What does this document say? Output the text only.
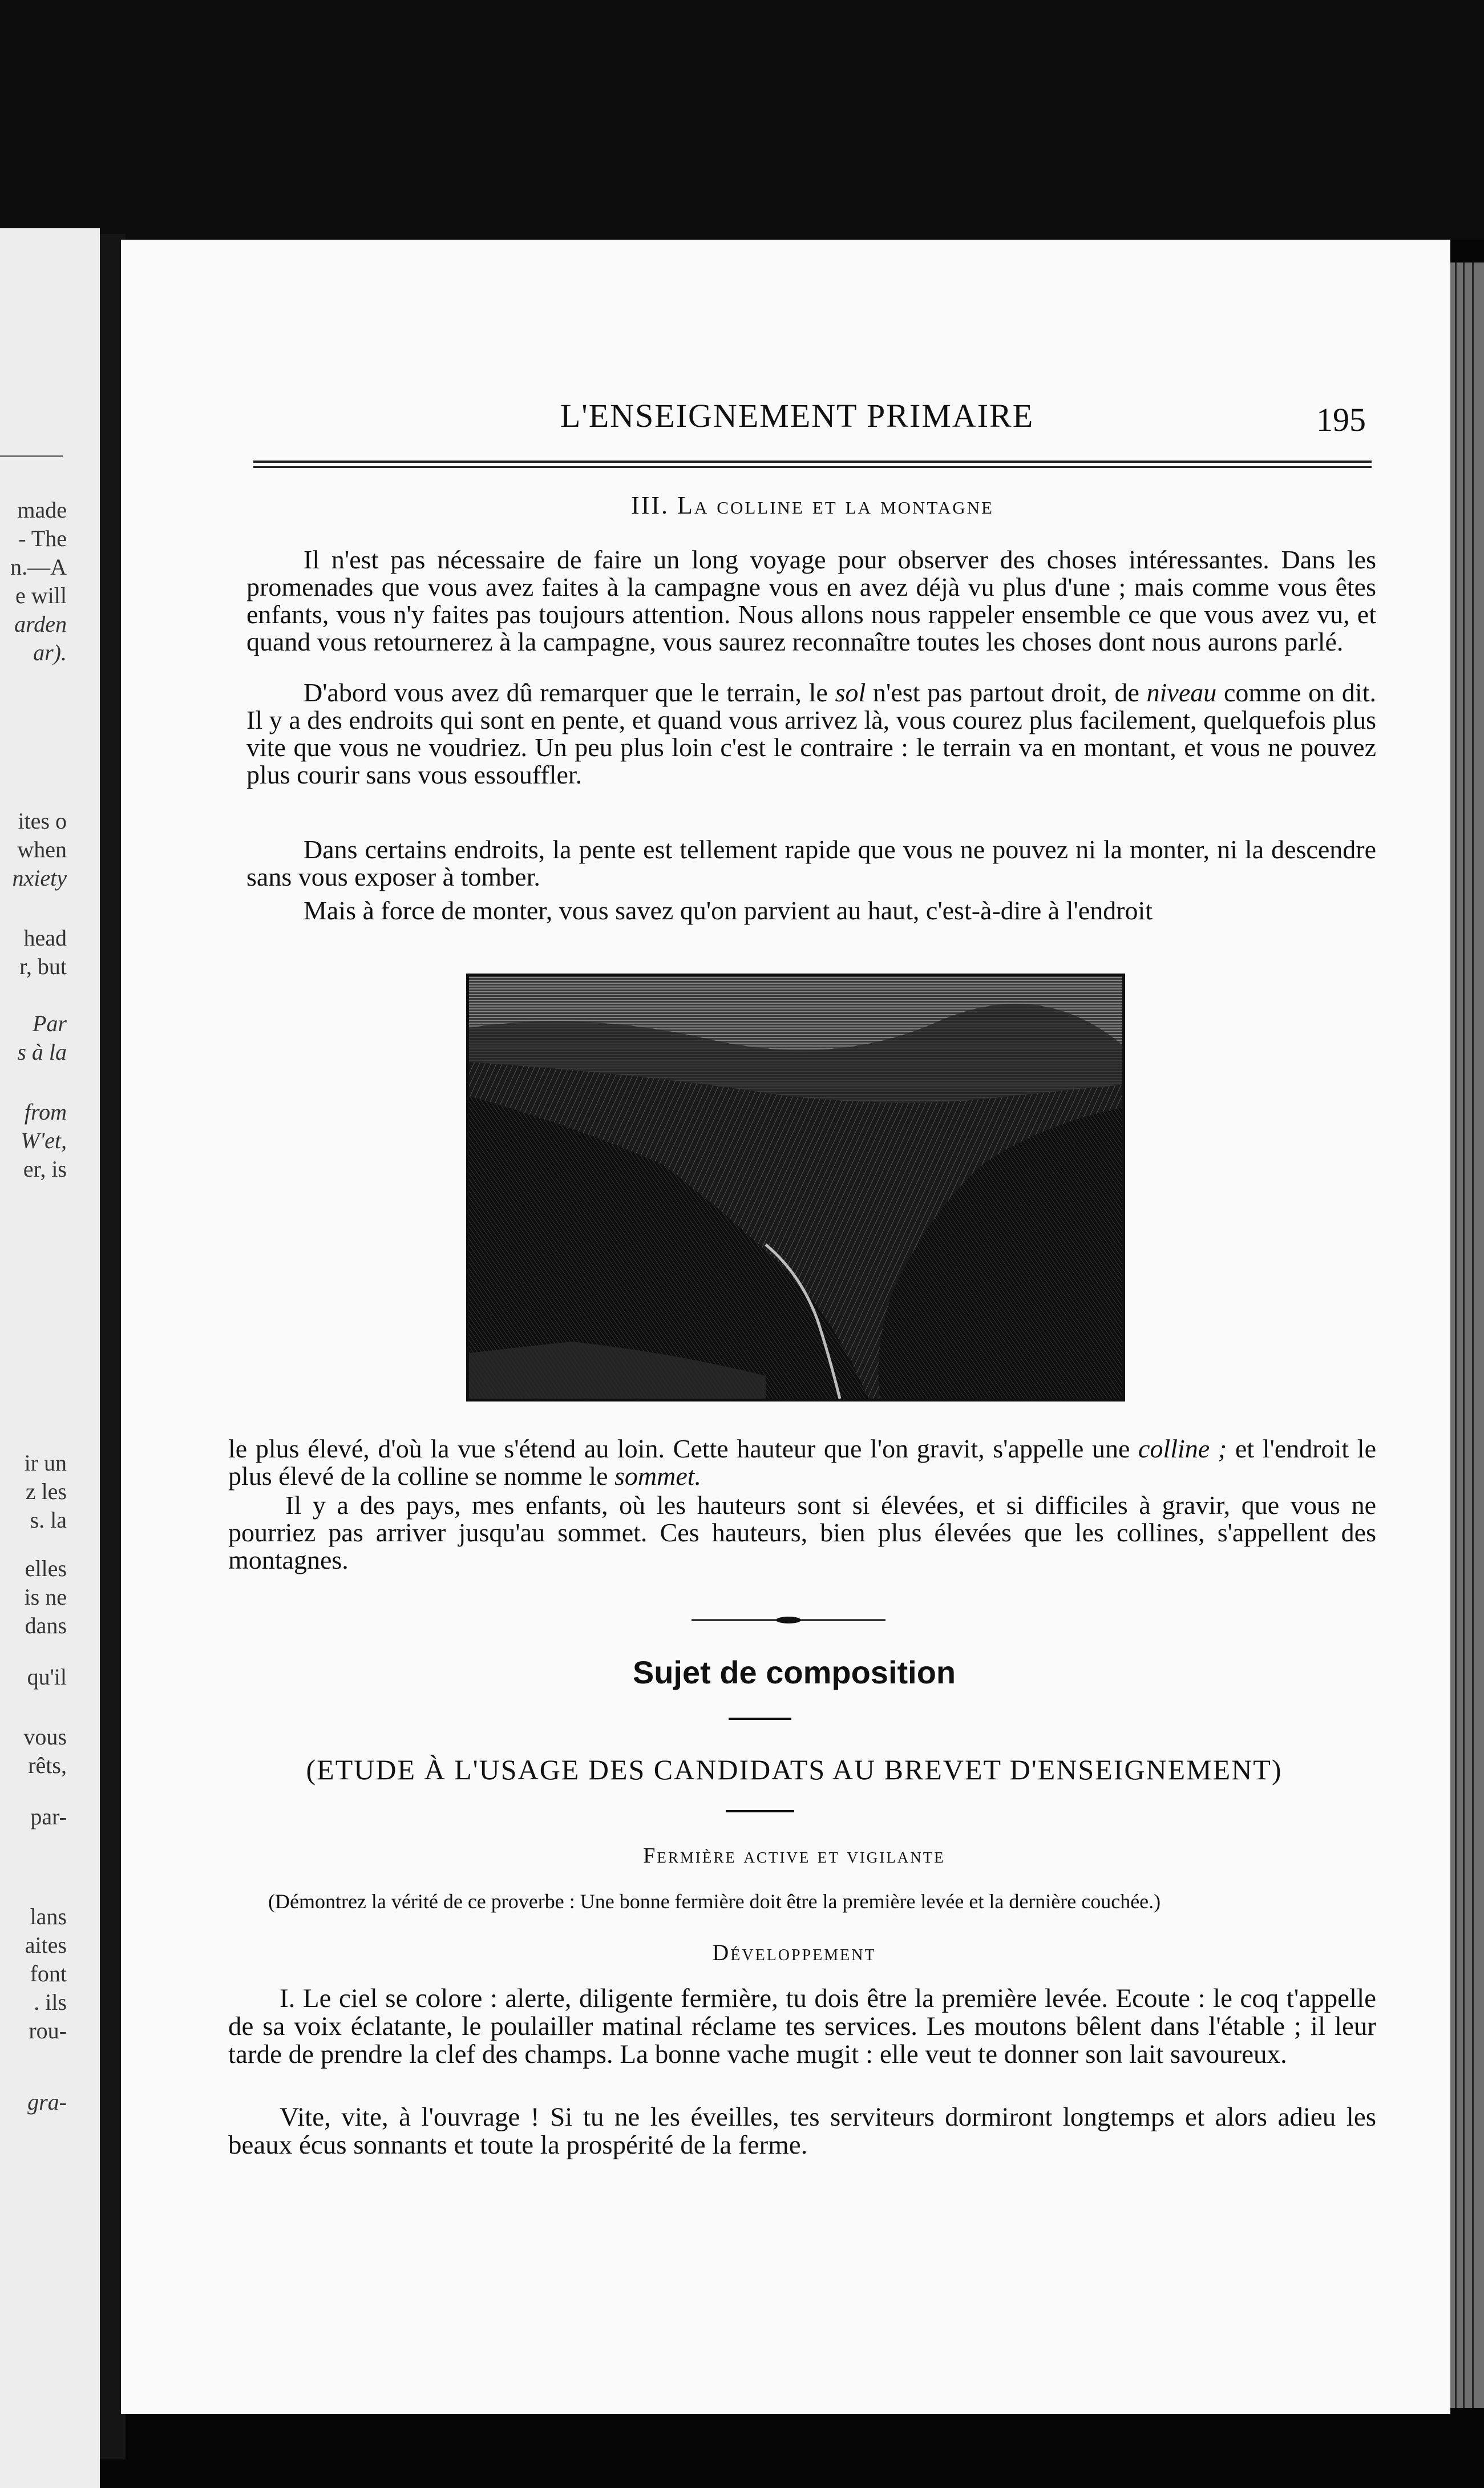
made
- The
n.—A
e will
arden
ar).
ites o
when
nxiety
head
r, but
Par
s à la
from
W'et,
er, is
ir un
z les
s. la
elles
is ne
dans
qu'il
vous
rêts,
par-
lans
aites
font
. ils
rou-
gra-
L'ENSEIGNEMENT PRIMAIRE	195
III. La colline et la montagne
Il n'est pas nécessaire de faire un long voyage pour observer des choses intéressantes. Dans les promenades que vous avez faites à la campagne vous en avez déjà vu plus d'une ; mais comme vous êtes enfants, vous n'y faites pas toujours attention. Nous allons nous rappeler ensemble ce que vous avez vu, et quand vous retournerez à la campagne, vous saurez reconnaître toutes les choses dont nous aurons parlé.
D'abord vous avez dû remarquer que le terrain, le sol n'est pas partout droit, de niveau comme on dit. Il y a des endroits qui sont en pente, et quand vous arrivez là, vous courez plus facilement, quelquefois plus vite que vous ne voudriez. Un peu plus loin c'est le contraire : le terrain va en montant, et vous ne pouvez plus courir sans vous essouffler.
Dans certains endroits, la pente est tellement rapide que vous ne pouvez ni la monter, ni la descendre sans vous exposer à tomber.
Mais à force de monter, vous savez qu'on parvient au haut, c'est-à-dire à l'endroit
le plus élevé, d'où la vue s'étend au loin. Cette hauteur que l'on gravit, s'appelle une colline ; et l'endroit le plus élevé de la colline se nomme le sommet.
Il y a des pays, mes enfants, où les hauteurs sont si élevées, et si difficiles à gravir, que vous ne pourriez pas arriver jusqu'au sommet. Ces hauteurs, bien plus élevées que les collines, s'appellent des montagnes.
Sujet de composition
(ETUDE À L'USAGE DES CANDIDATS AU BREVET D'ENSEIGNEMENT)
Fermière active et vigilante
(Démontrez la vérité de ce proverbe : Une bonne fermière doit être la première levée et la dernière couchée.)
Développement
I. Le ciel se colore : alerte, diligente fermière, tu dois être la première levée. Ecoute : le coq t'appelle de sa voix éclatante, le poulailler matinal réclame tes services. Les moutons bêlent dans l'étable ; il leur tarde de prendre la clef des champs. La bonne vache mugit : elle veut te donner son lait savoureux.
Vite, vite, à l'ouvrage ! Si tu ne les éveilles, tes serviteurs dormiront longtemps et alors adieu les beaux écus sonnants et toute la prospérité de la ferme.
